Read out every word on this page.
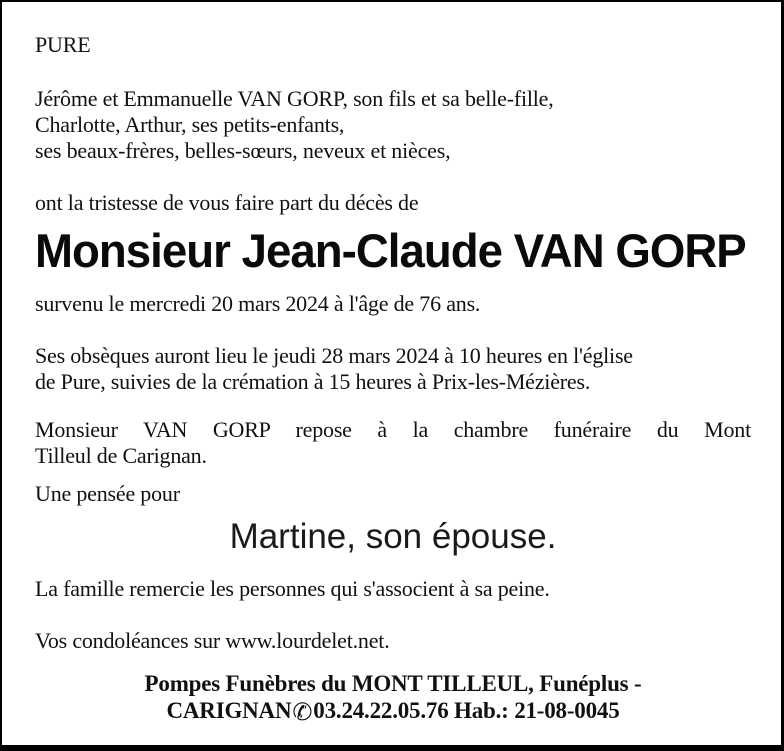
PURE

Jérôme et Emmanuelle VAN GORP, son fils et sa belle-fille,
Charlotte, Arthur, ses petits-enfants,
ses beaux-frères, belles-sœurs, neveux et nièces,

ont la tristesse de vous faire part du décès de

Monsieur Jean-Claude VAN GORP

survenu le mercredi 20 mars 2024 à l'âge de 76 ans.

Ses obsèques auront lieu le jeudi 28 mars 2024 à 10 heures en l'église
de Pure, suivies de la crémation à 15 heures à Prix-les-Mézières.
Monsieur VAN GORP repose à la chambre funéraire du Mont
Tilleul de Carignan.

Une pensée pour

Martine, son épouse.

La famille remercie les personnes qui s'associent à sa peine.

Vos condoléances sur www.lourdelet.net.

Pompes Funèbres du MONT TILLEUL, Funéplus -
CARIGNAN✆03.24.22.05.76 Hab.: 21-08-0045
